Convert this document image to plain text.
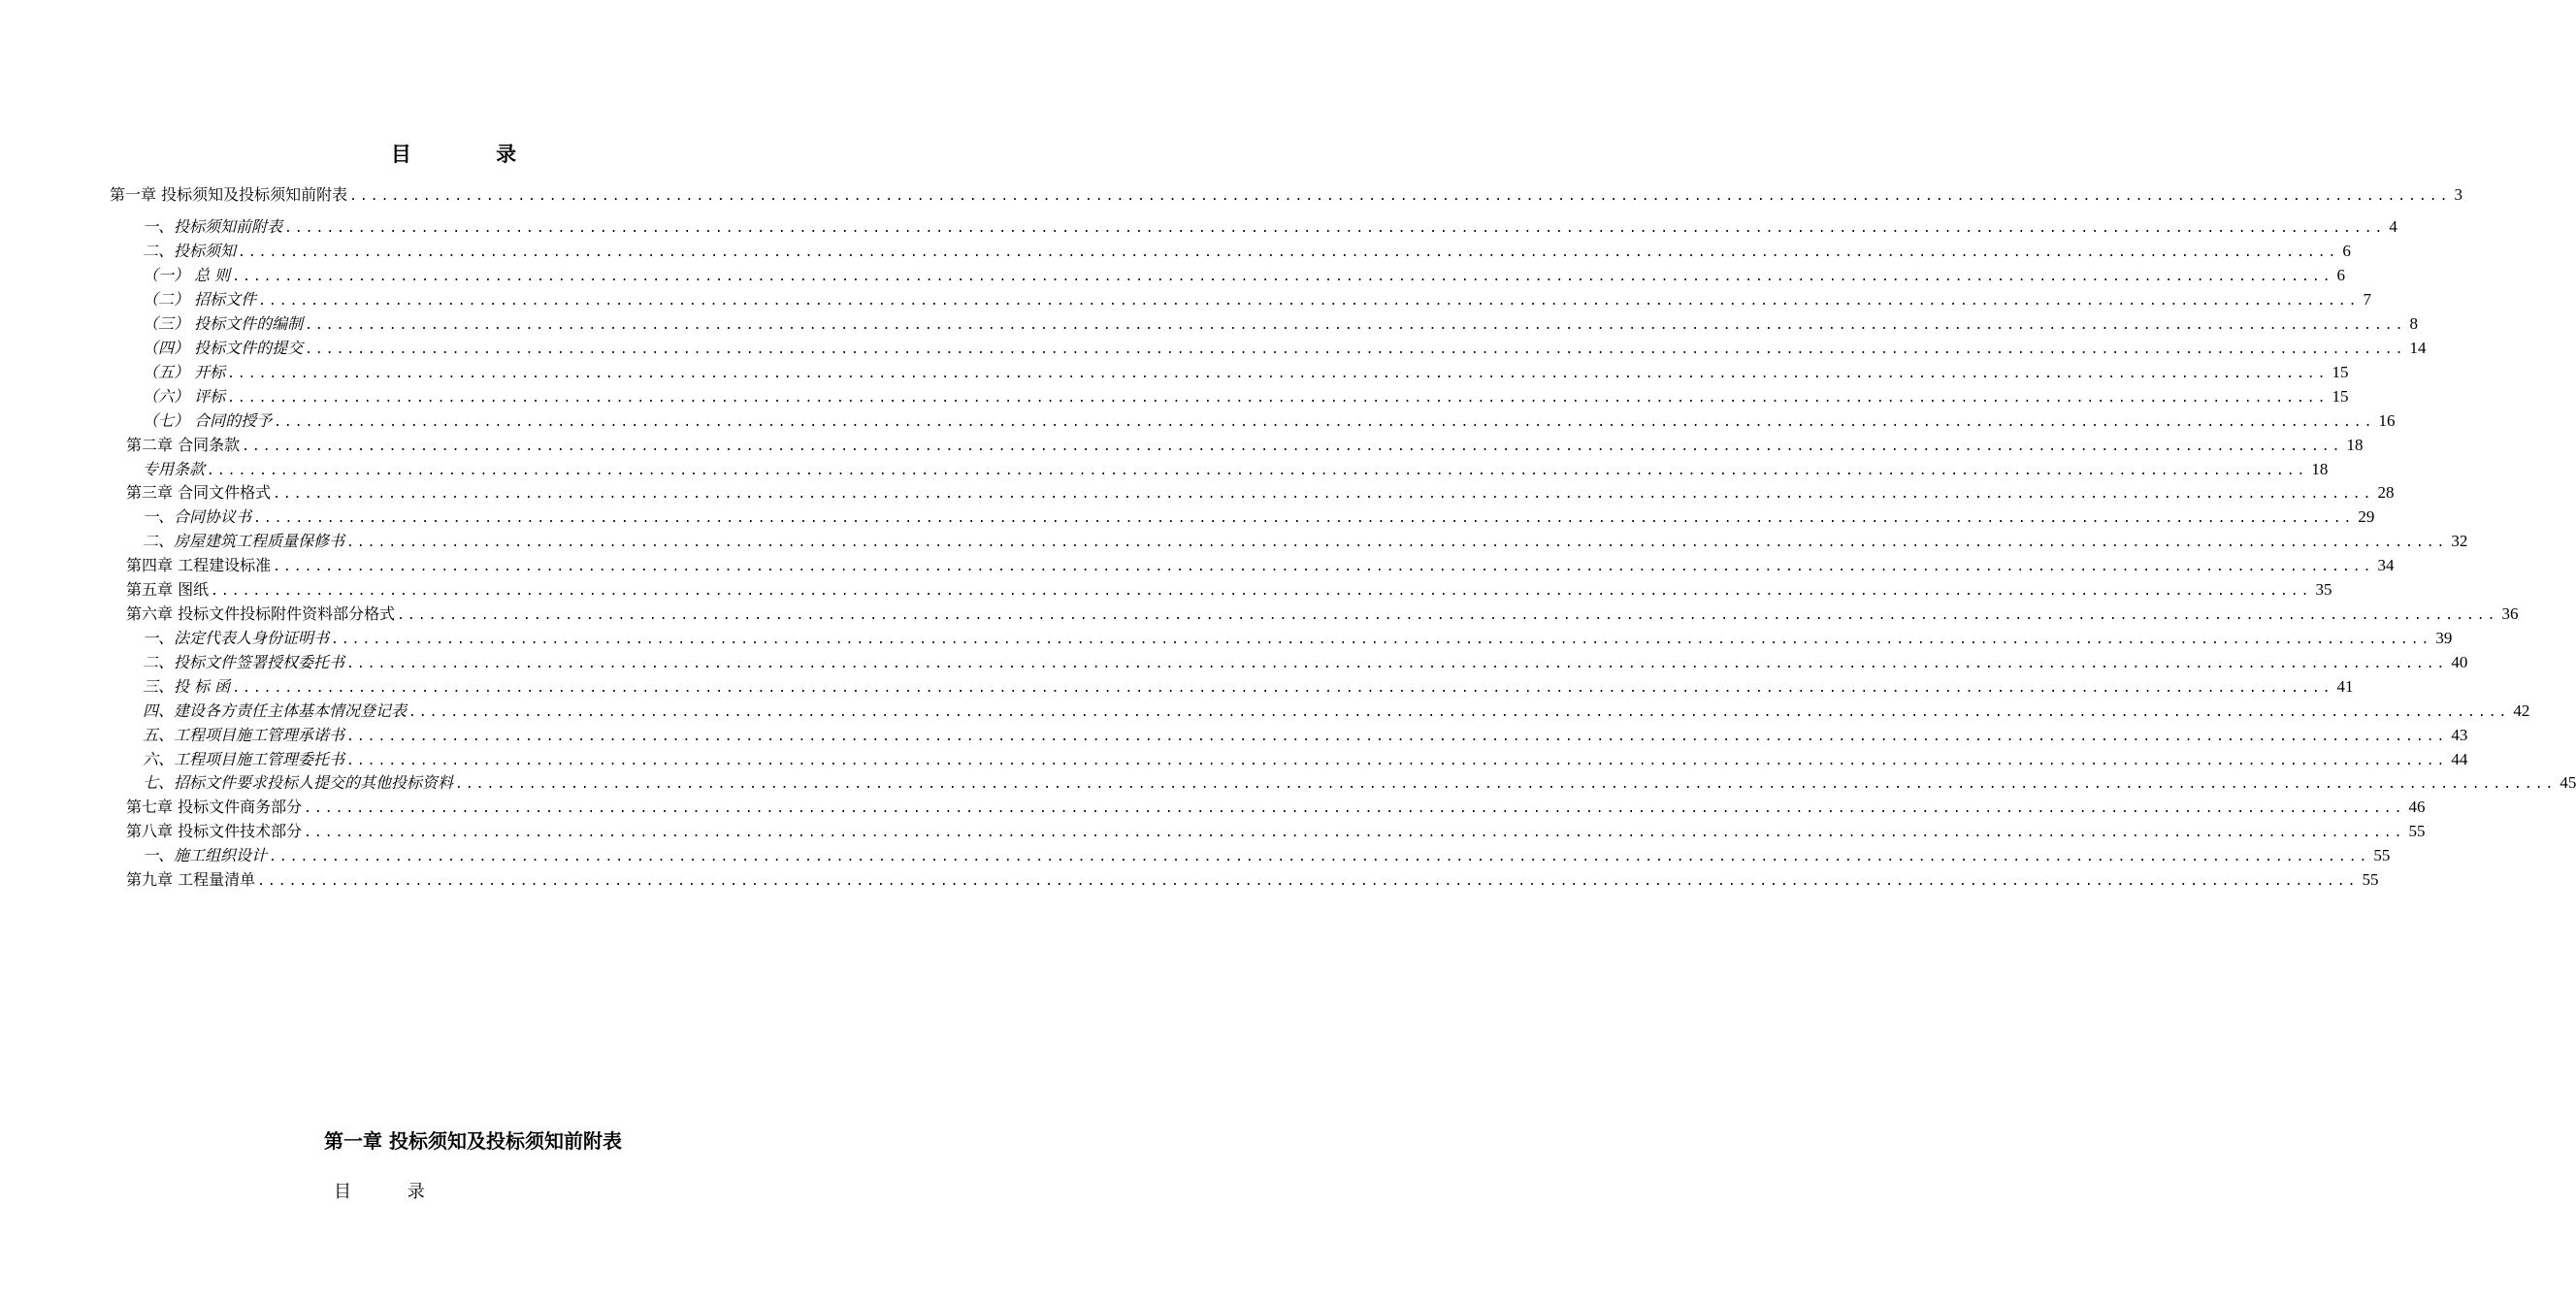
目 录
第一章 投标须知及投标须知前附表 ........................................................................................................................................................................................................ 3
一、投标须知前附表 ........................................................................................................................................................................................................ 4
二、投标须知 ........................................................................................................................................................................................................ 6
（一） 总 则 ........................................................................................................................................................................................................ 6
（二） 招标文件 ........................................................................................................................................................................................................ 7
（三） 投标文件的编制 ........................................................................................................................................................................................................ 8
（四） 投标文件的提交 ........................................................................................................................................................................................................ 14
（五） 开标 ........................................................................................................................................................................................................ 15
（六） 评标 ........................................................................................................................................................................................................ 15
（七） 合同的授予 ........................................................................................................................................................................................................ 16
第二章 合同条款 ........................................................................................................................................................................................................ 18
专用条款 ........................................................................................................................................................................................................ 18
第三章 合同文件格式 ........................................................................................................................................................................................................ 28
一、合同协议书 ........................................................................................................................................................................................................ 29
二、房屋建筑工程质量保修书 ........................................................................................................................................................................................................ 32
第四章 工程建设标准 ........................................................................................................................................................................................................ 34
第五章 图纸 ........................................................................................................................................................................................................ 35
第六章 投标文件投标附件资料部分格式 ........................................................................................................................................................................................................ 36
一、法定代表人身份证明书 ........................................................................................................................................................................................................ 39
二、投标文件签署授权委托书 ........................................................................................................................................................................................................ 40
三、投 标 函 ........................................................................................................................................................................................................ 41
四、建设各方责任主体基本情况登记表 ........................................................................................................................................................................................................ 42
五、工程项目施工管理承诺书 ........................................................................................................................................................................................................ 43
六、工程项目施工管理委托书 ........................................................................................................................................................................................................ 44
七、招标文件要求投标人提交的其他投标资料 ........................................................................................................................................................................................................ 45
第七章 投标文件商务部分 ........................................................................................................................................................................................................ 46
第八章 投标文件技术部分 ........................................................................................................................................................................................................ 55
一、施工组织设计 ........................................................................................................................................................................................................ 55
第九章 工程量清单 ........................................................................................................................................................................................................ 55
第一章 投标须知及投标须知前附表
目 录
